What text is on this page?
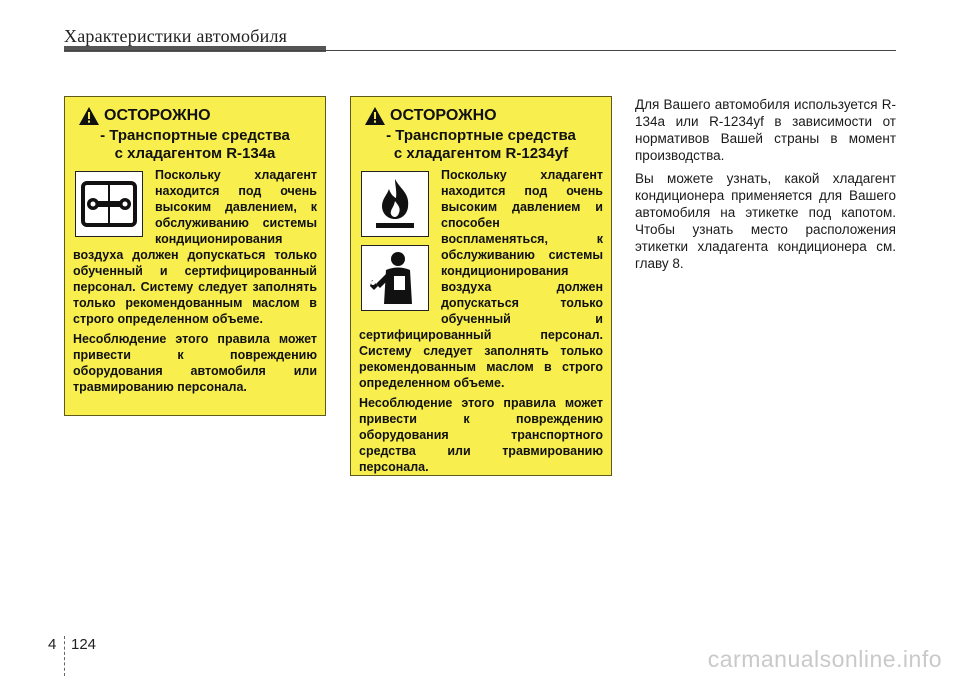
Характеристики автомобиля
ОСТОРОЖНО
- Транспортные средства
с хладагентом R-134a

Поскольку хладагент находится под очень высоким давлением, к обслуживанию системы кондиционирования воздуха должен допускаться только обученный и сертифицированный персонал. Систему следует заполнять только рекомендованным маслом в строго определенном объеме.

Несоблюдение этого правила может привести к повреждению оборудования автомобиля или травмированию персонала.

ОСТОРОЖНО
- Транспортные средства
с хладагентом R-1234yf

Поскольку хладагент находится под очень высоким давлением и способен воспламеняться, к обслуживанию системы кондиционирования воздуха должен допускаться только обученный и сертифицированный персонал. Систему следует заполнять только рекомендованным маслом в строго определенном объеме.

Несоблюдение этого правила может привести к повреждению оборудования транспортного средства или травмированию персонала.

Для Вашего автомобиля используется R-134a или R-1234yf в зависимости от нормативов Вашей страны в момент производства.

Вы можете узнать, какой хладагент кондиционера применяется для Вашего автомобиля на этикетке под капотом. Чтобы узнать место расположения этикетки хладагента кондиционера см. главу 8.

4 124
carmanualsonline.info
